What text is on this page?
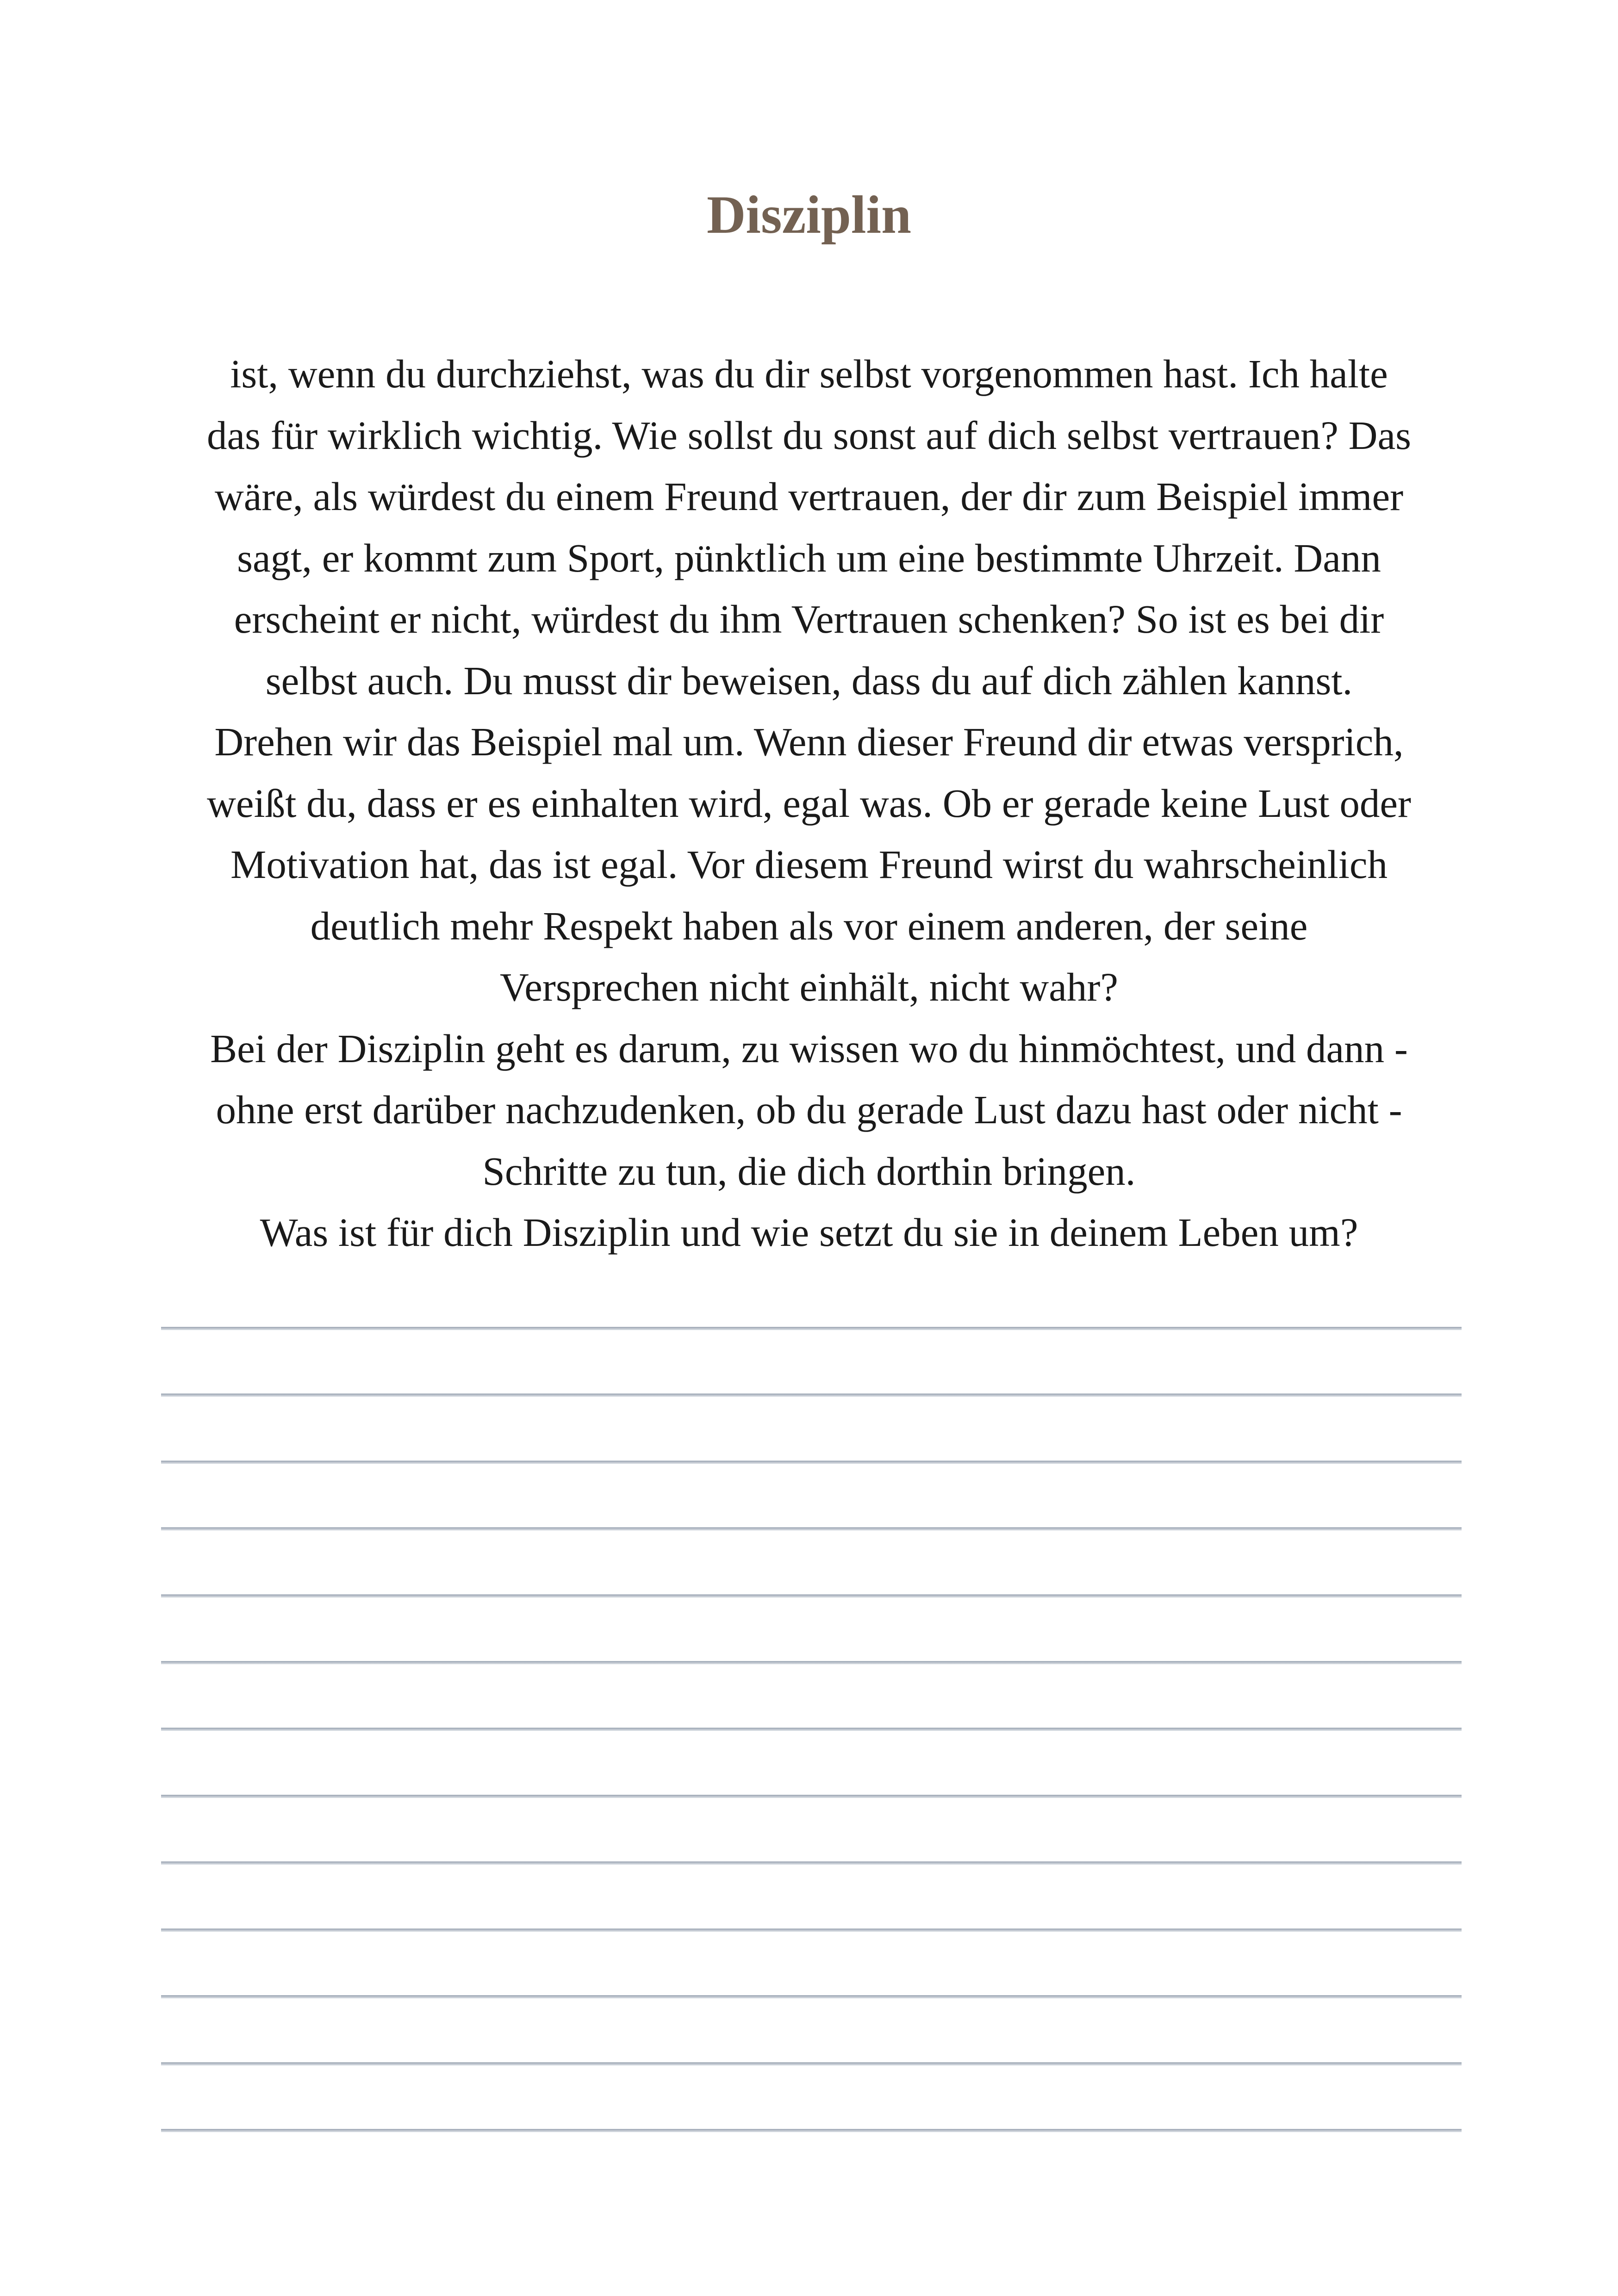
Disziplin
ist, wenn du durchziehst, was du dir selbst vorgenommen hast. Ich halte
das für wirklich wichtig. Wie sollst du sonst auf dich selbst vertrauen? Das
wäre, als würdest du einem Freund vertrauen, der dir zum Beispiel immer
sagt, er kommt zum Sport, pünktlich um eine bestimmte Uhrzeit. Dann
erscheint er nicht, würdest du ihm Vertrauen schenken? So ist es bei dir
selbst auch. Du musst dir beweisen, dass du auf dich zählen kannst.
Drehen wir das Beispiel mal um. Wenn dieser Freund dir etwas versprich,
weißt du, dass er es einhalten wird, egal was. Ob er gerade keine Lust oder
Motivation hat, das ist egal. Vor diesem Freund wirst du wahrscheinlich
deutlich mehr Respekt haben als vor einem anderen, der seine
Versprechen nicht einhält, nicht wahr?
Bei der Disziplin geht es darum, zu wissen wo du hinmöchtest, und dann -
ohne erst darüber nachzudenken, ob du gerade Lust dazu hast oder nicht -
Schritte zu tun, die dich dorthin bringen.
Was ist für dich Disziplin und wie setzt du sie in deinem Leben um?
